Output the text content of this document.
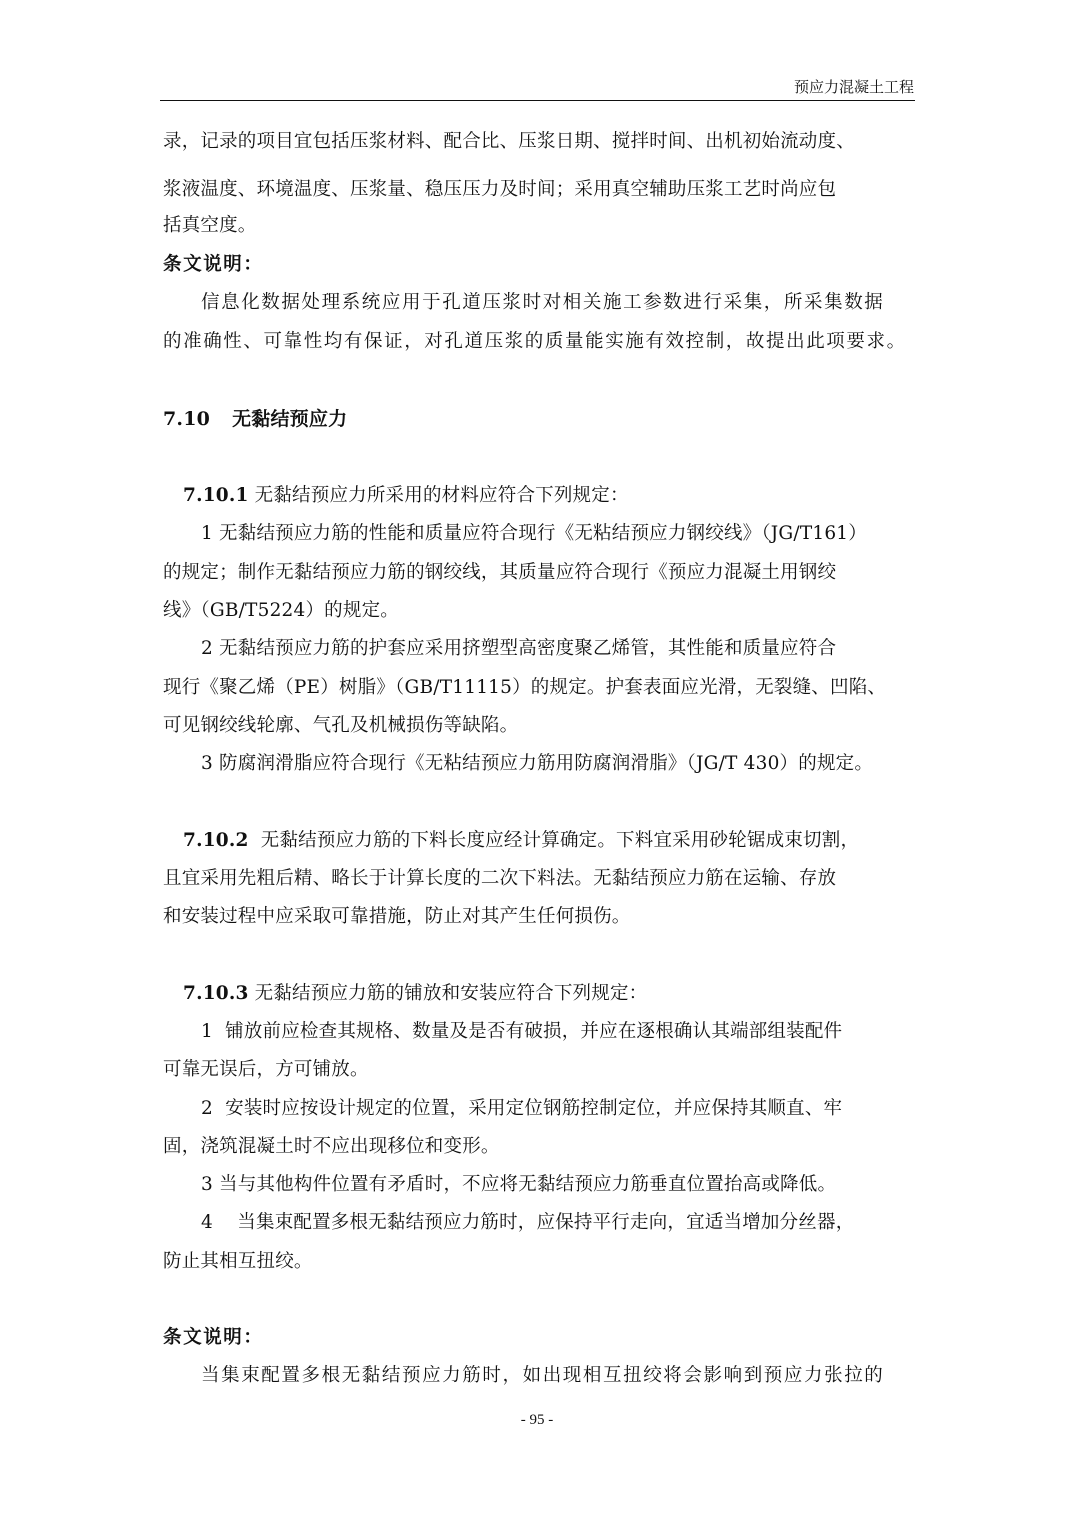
预应力混凝土工程
录，记录的项目宜包括压浆材料、配合比、压浆日期、搅拌时间、出机初始流动度、
浆液温度、环境温度、压浆量、稳压压力及时间；采用真空辅助压浆工艺时尚应包
括真空度。
条文说明：
信息化数据处理系统应用于孔道压浆时对相关施工参数进行采集，所采集数据
的准确性、可靠性均有保证，对孔道压浆的质量能实施有效控制，故提出此项要求。
7.10 无黏结预应力
7.10.1 无黏结预应力所采用的材料应符合下列规定：
1 无黏结预应力筋的性能和质量应符合现行《无粘结预应力钢绞线》（JG/T161）
的规定；制作无黏结预应力筋的钢绞线，其质量应符合现行《预应力混凝土用钢绞
线》（GB/T5224）的规定。
2 无黏结预应力筋的护套应采用挤塑型高密度聚乙烯管，其性能和质量应符合
现行《聚乙烯（PE）树脂》（GB/T11115）的规定。护套表面应光滑，无裂缝、凹陷、
可见钢绞线轮廓、气孔及机械损伤等缺陷。
3 防腐润滑脂应符合现行《无粘结预应力筋用防腐润滑脂》（JG/T 430）的规定。
7.10.2  无黏结预应力筋的下料长度应经计算确定。下料宜采用砂轮锯成束切割，
且宜采用先粗后精、略长于计算长度的二次下料法。无黏结预应力筋在运输、存放
和安装过程中应采取可靠措施，防止对其产生任何损伤。
7.10.3 无黏结预应力筋的铺放和安装应符合下列规定：
1  铺放前应检查其规格、数量及是否有破损，并应在逐根确认其端部组装配件
可靠无误后，方可铺放。
2  安装时应按设计规定的位置，采用定位钢筋控制定位，并应保持其顺直、牢
固，浇筑混凝土时不应出现移位和变形。
3 当与其他构件位置有矛盾时，不应将无黏结预应力筋垂直位置抬高或降低。
4    当集束配置多根无黏结预应力筋时，应保持平行走向，宜适当增加分丝器，
防止其相互扭绞。
条文说明：
当集束配置多根无黏结预应力筋时，如出现相互扭绞将会影响到预应力张拉的
- 95 -
